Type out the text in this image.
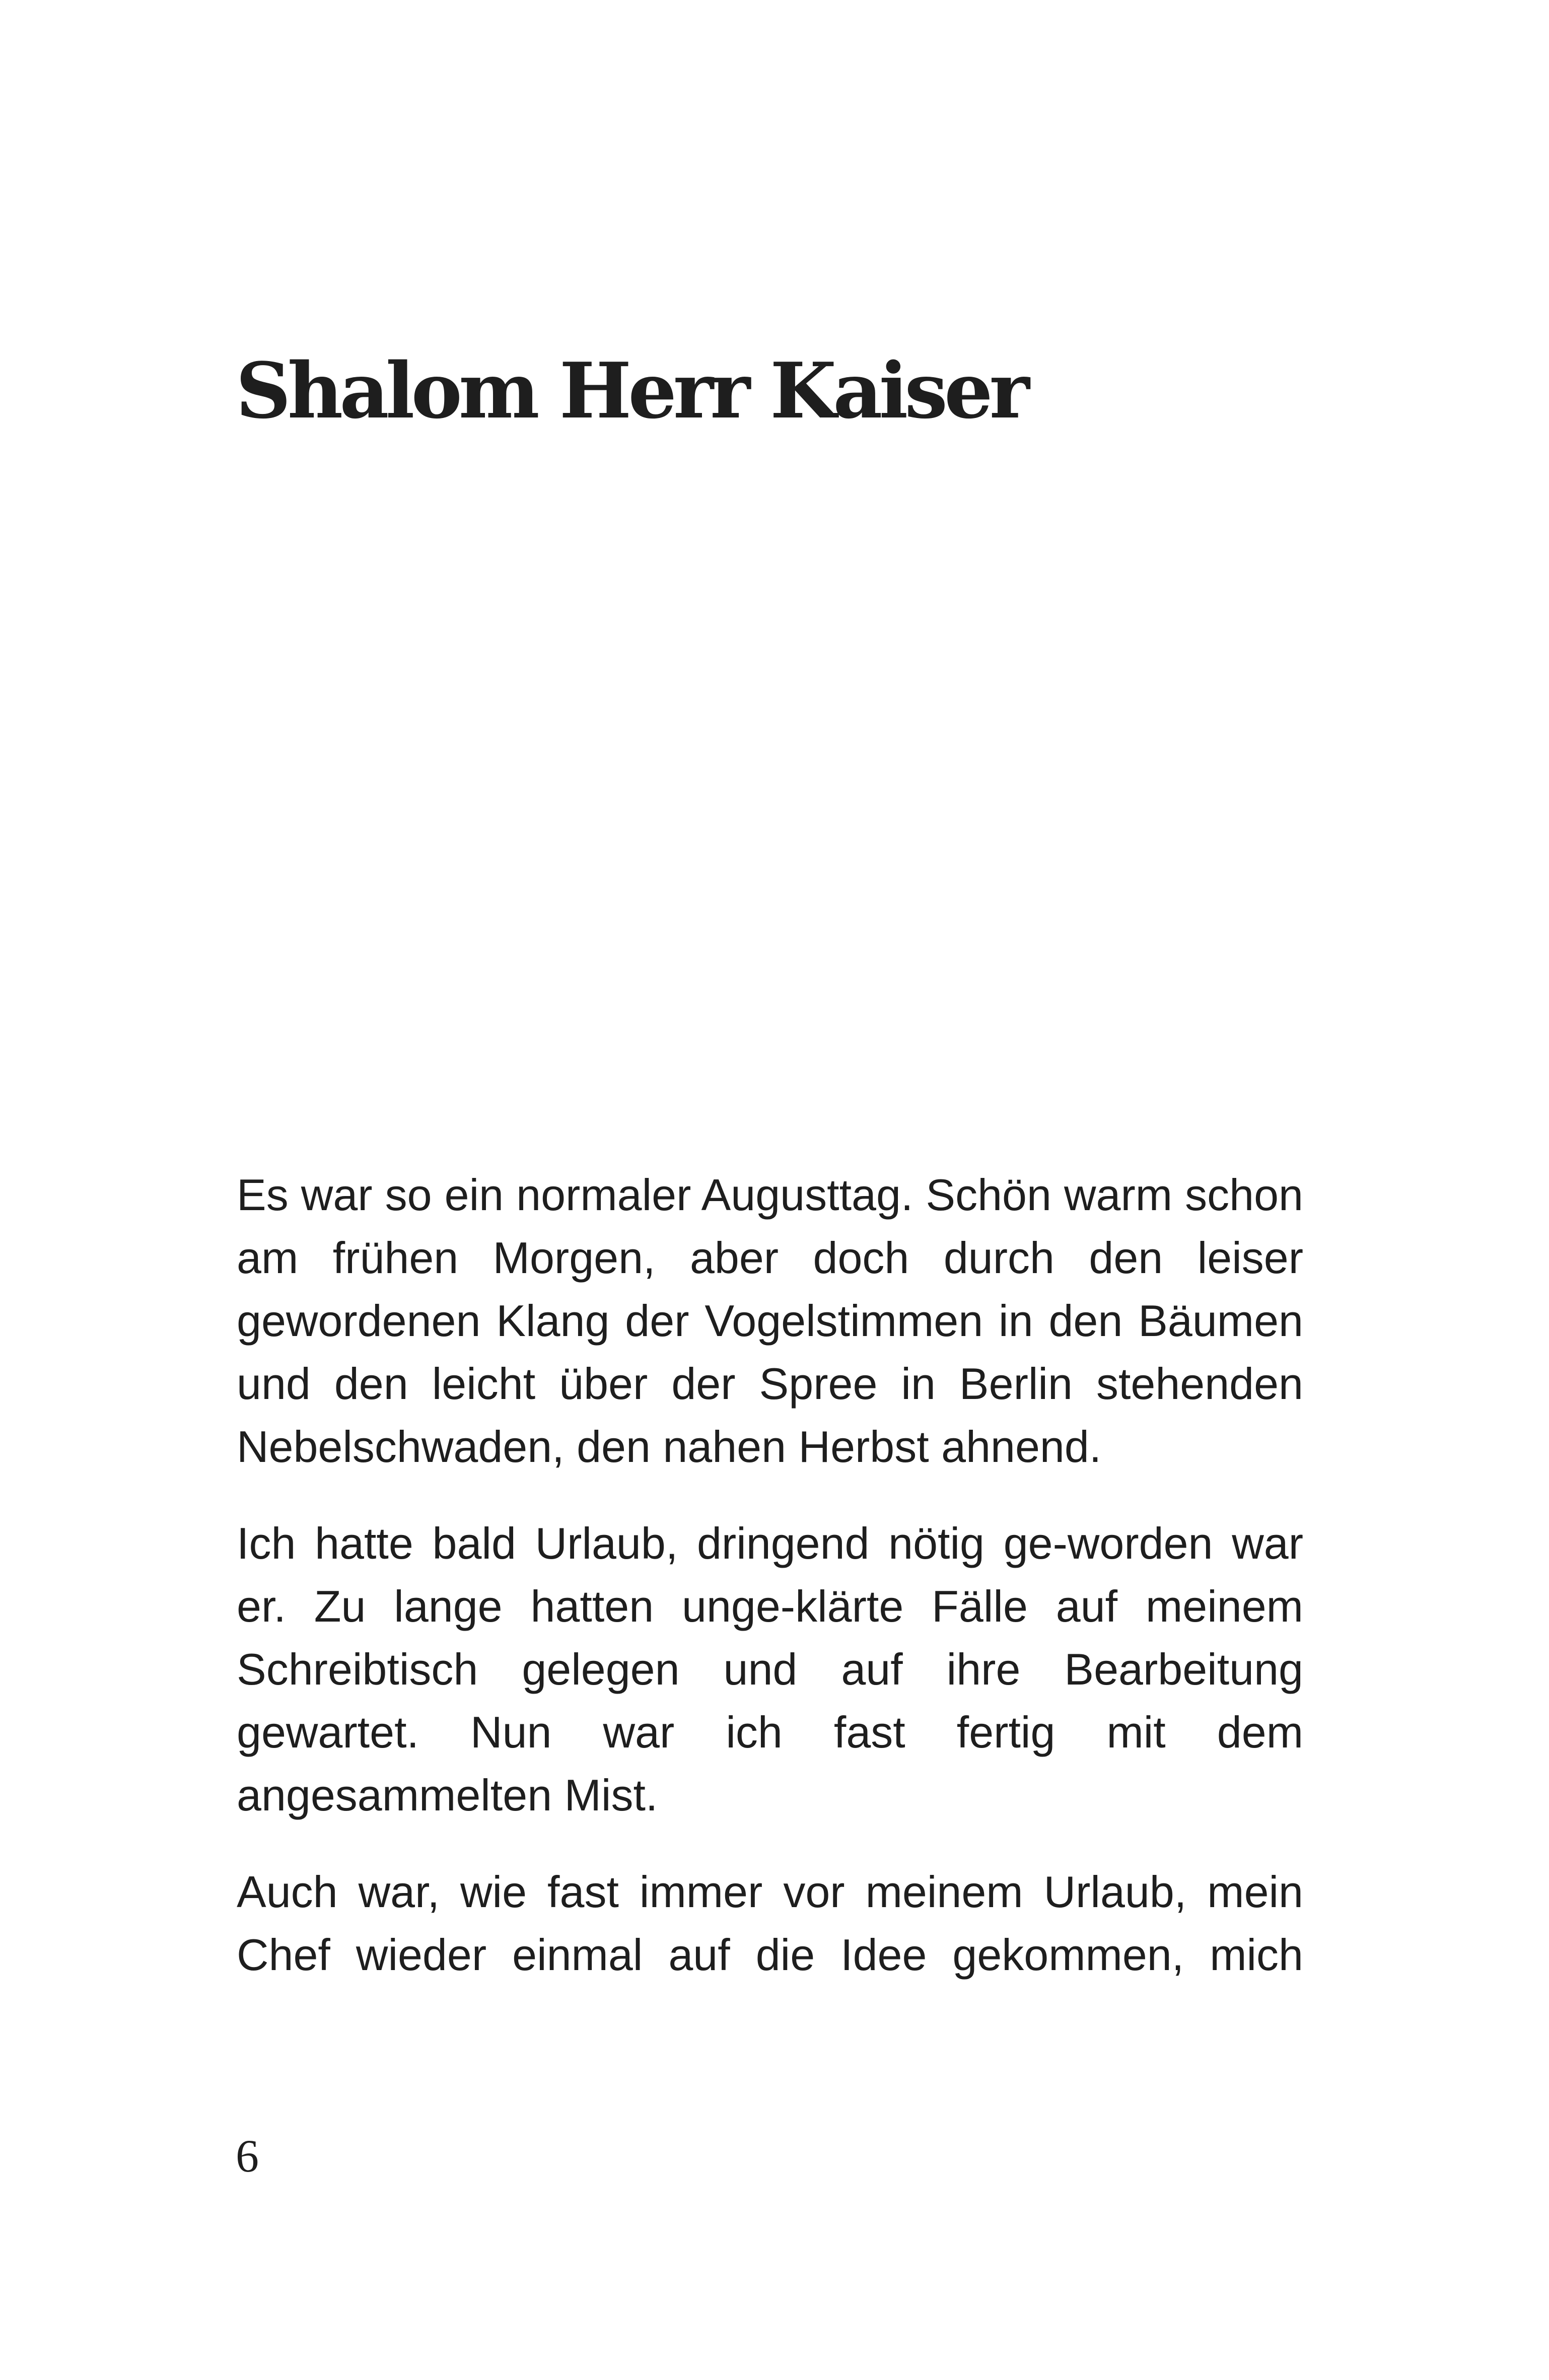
Shalom Herr Kaiser

Es war so ein normaler Augusttag. Schön warm schon am frühen Morgen, aber doch durch den leiser gewordenen Klang der Vogelstimmen in den Bäumen und den leicht über der Spree in Berlin stehenden Nebelschwaden, den nahen Herbst ahnend.

Ich hatte bald Urlaub, dringend nötig ge-worden war er. Zu lange hatten unge-klärte Fälle auf meinem Schreibtisch gelegen und auf ihre Bearbeitung gewartet. Nun war ich fast fertig mit dem angesammelten Mist.

Auch war, wie fast immer vor meinem Urlaub, mein Chef wieder einmal auf die Idee gekommen, mich

6
